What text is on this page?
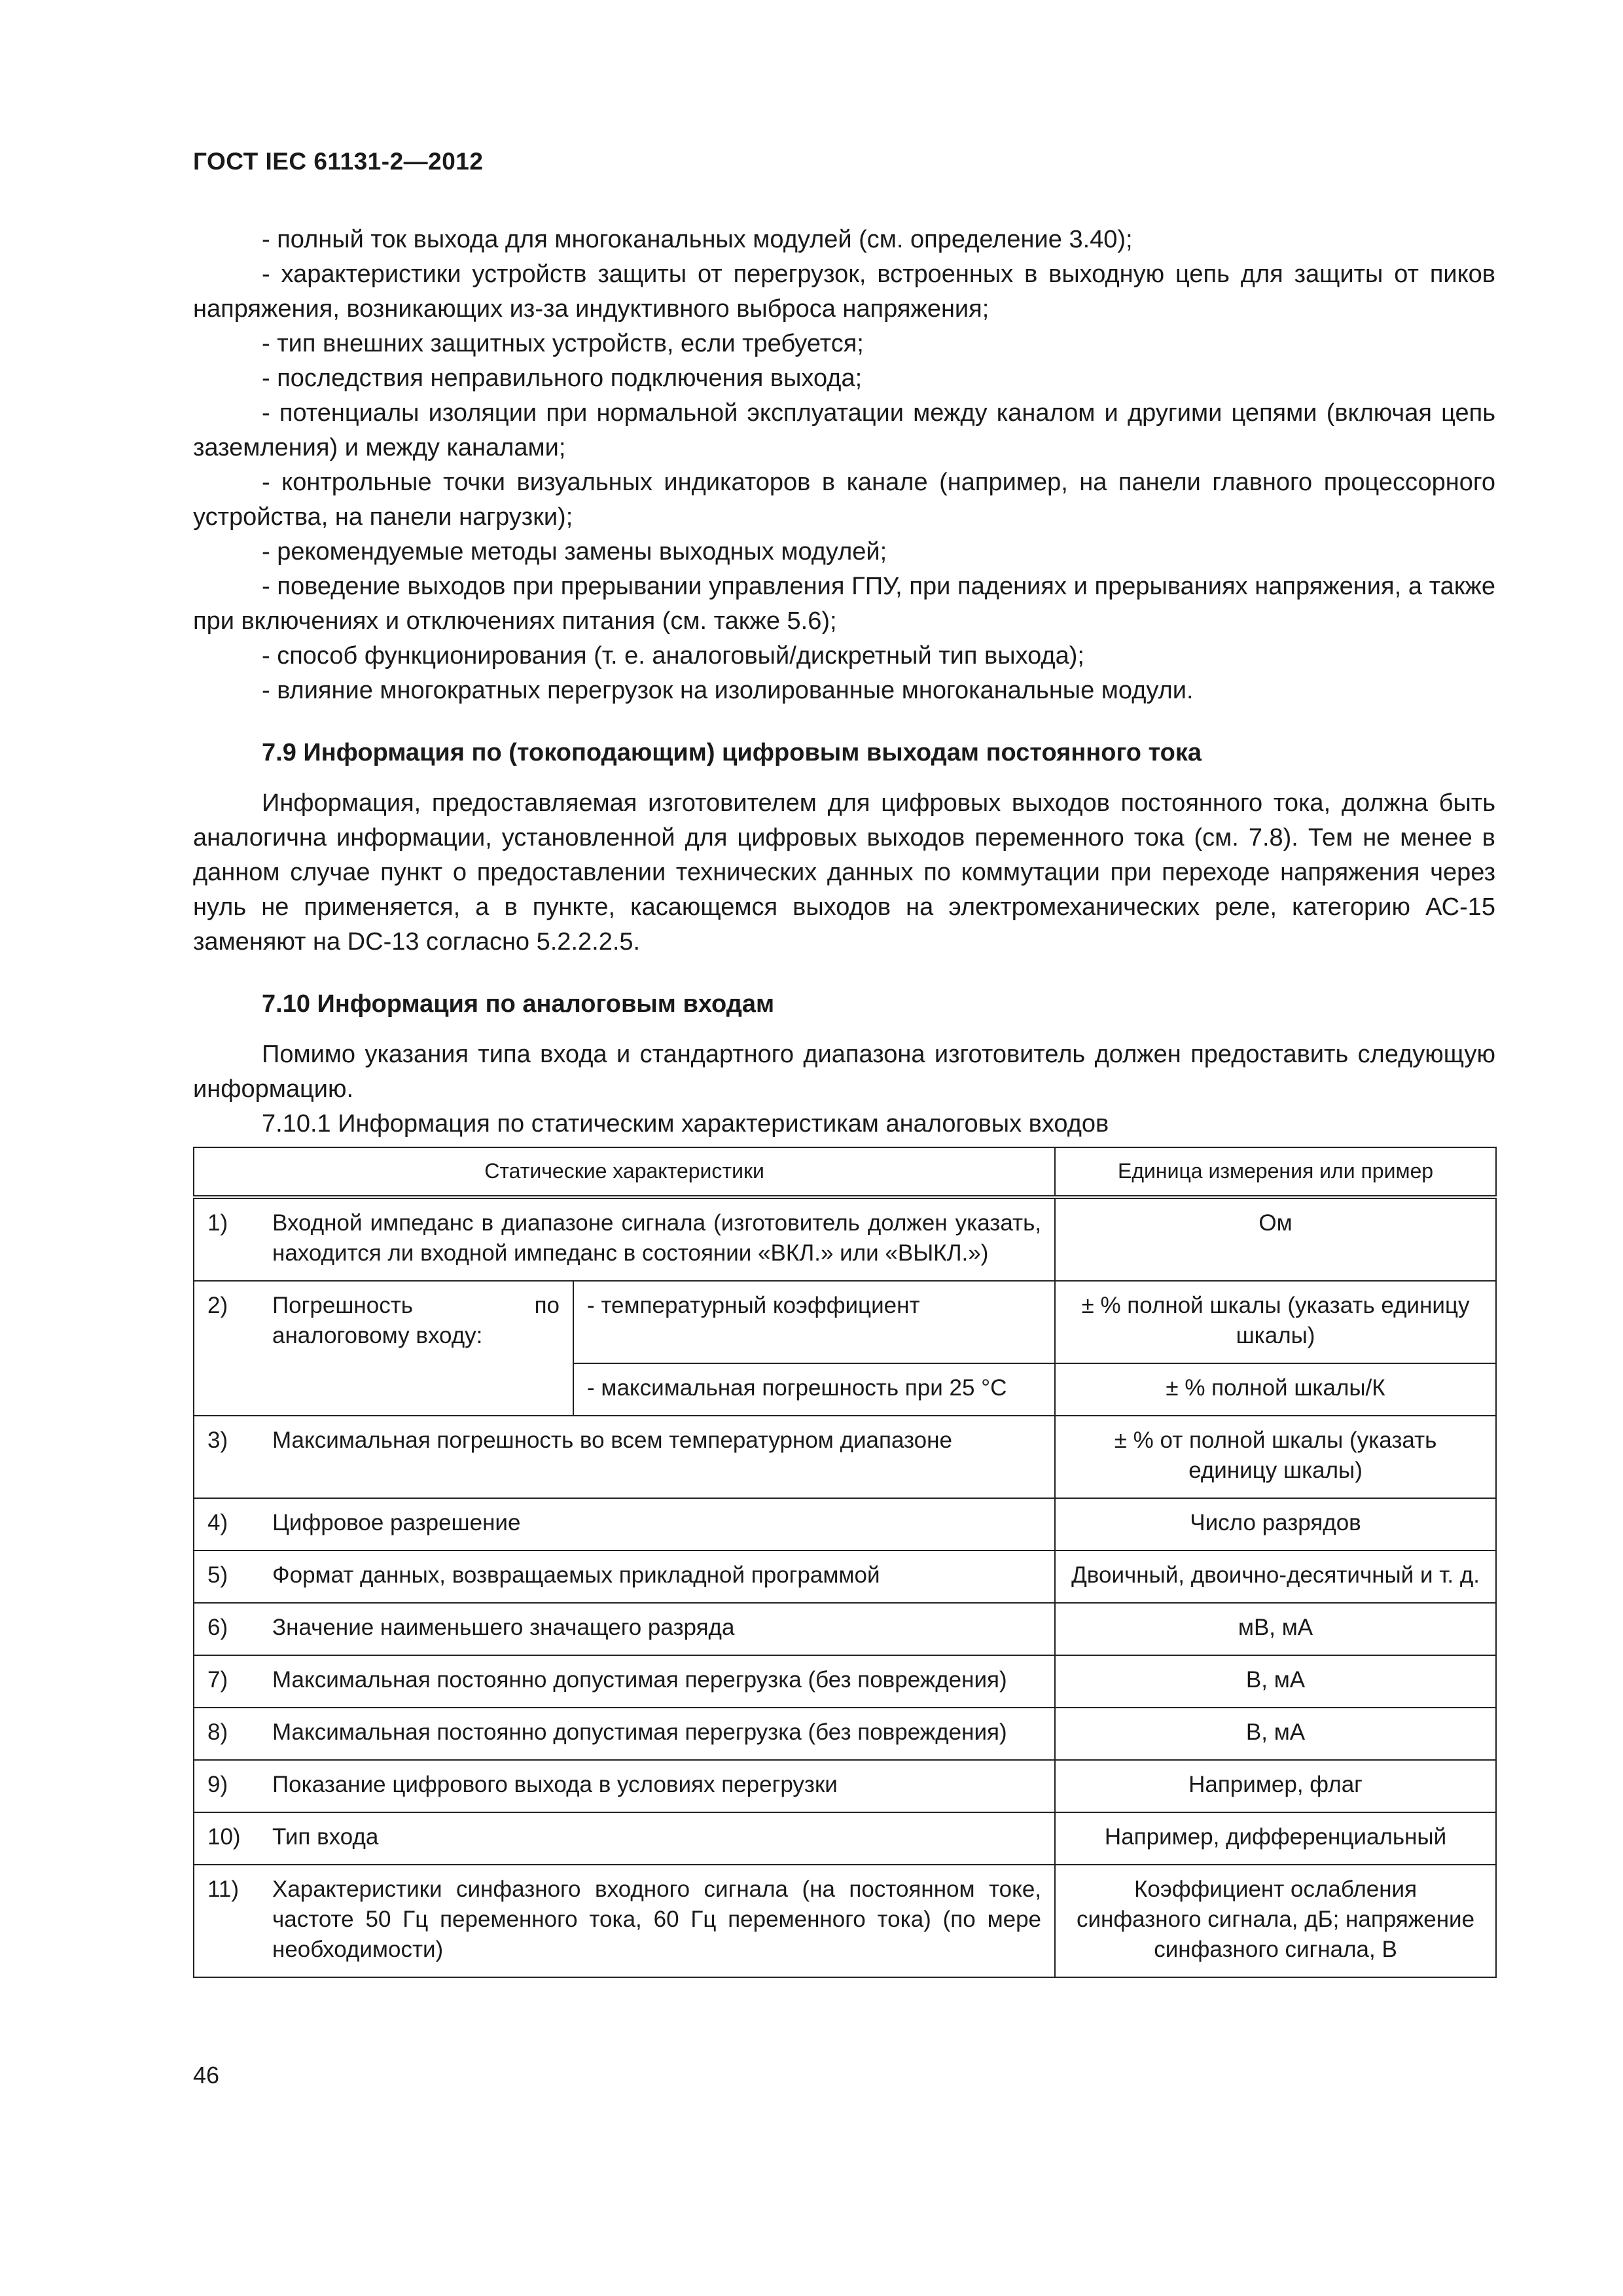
ГОСТ IEC 61131-2—2012

- полный ток выхода для многоканальных модулей (см. определение 3.40);

- характеристики устройств защиты от перегрузок, встроенных в выходную цепь для защиты от пиков напряжения, возникающих из-за индуктивного выброса напряжения;

- тип внешних защитных устройств, если требуется;

- последствия неправильного подключения выхода;

- потенциалы изоляции при нормальной эксплуатации между каналом и другими цепями (включая цепь заземления) и между каналами;

- контрольные точки визуальных индикаторов в канале (например, на панели главного процессорного устройства, на панели нагрузки);

- рекомендуемые методы замены выходных модулей;

- поведение выходов при прерывании управления ГПУ, при падениях и прерываниях напряжения, а также при включениях и отключениях питания (см. также 5.6);

- способ функционирования (т. е. аналоговый/дискретный тип выхода);

- влияние многократных перегрузок на изолированные многоканальные модули.

7.9 Информация по (токоподающим) цифровым выходам постоянного тока

Информация, предоставляемая изготовителем для цифровых выходов постоянного тока, должна быть аналогична информации, установленной для цифровых выходов переменного тока (см. 7.8). Тем не менее в данном случае пункт о предоставлении технических данных по коммутации при переходе напряжения через нуль не применяется, а в пункте, касающемся выходов на электромеханических реле, категорию АС-15 заменяют на DC-13 согласно 5.2.2.2.5.

7.10 Информация по аналоговым входам

Помимо указания типа входа и стандартного диапазона изготовитель должен предоставить следующую информацию.

7.10.1 Информация по статическим характеристикам аналоговых входов

Статические характеристики			Единица измерения или пример
1)	Входной импеданс в диапазоне сигнала (изготовитель должен указать, находится ли входной импеданс в состоянии «ВКЛ.» или «ВЫКЛ.»)		Ом
2)	Погрешность по аналоговому входу:	- температурный коэффициент	± % полной шкалы (указать единицу шкалы)
		- максимальная погрешность при 25 °С	± % полной шкалы/К
3)	Максимальная погрешность во всем температурном диапазоне		± % от полной шкалы (указать единицу шкалы)
4)	Цифровое разрешение		Число разрядов
5)	Формат данных, возвращаемых прикладной программой		Двоичный, двоично-десятичный и т. д.
6)	Значение наименьшего значащего разряда		мВ, мА
7)	Максимальная постоянно допустимая перегрузка (без повреждения)		В, мА
8)	Максимальная постоянно допустимая перегрузка (без повреждения)		В, мА
9)	Показание цифрового выхода в условиях перегрузки		Например, флаг
10)	Тип входа		Например, дифференциальный
11)	Характеристики синфазного входного сигнала (на постоянном токе, частоте 50 Гц переменного тока, 60 Гц переменного тока) (по мере необходимости)		Коэффициент ослабления синфазного сигнала, дБ; напряжение синфазного сигнала, В
46
